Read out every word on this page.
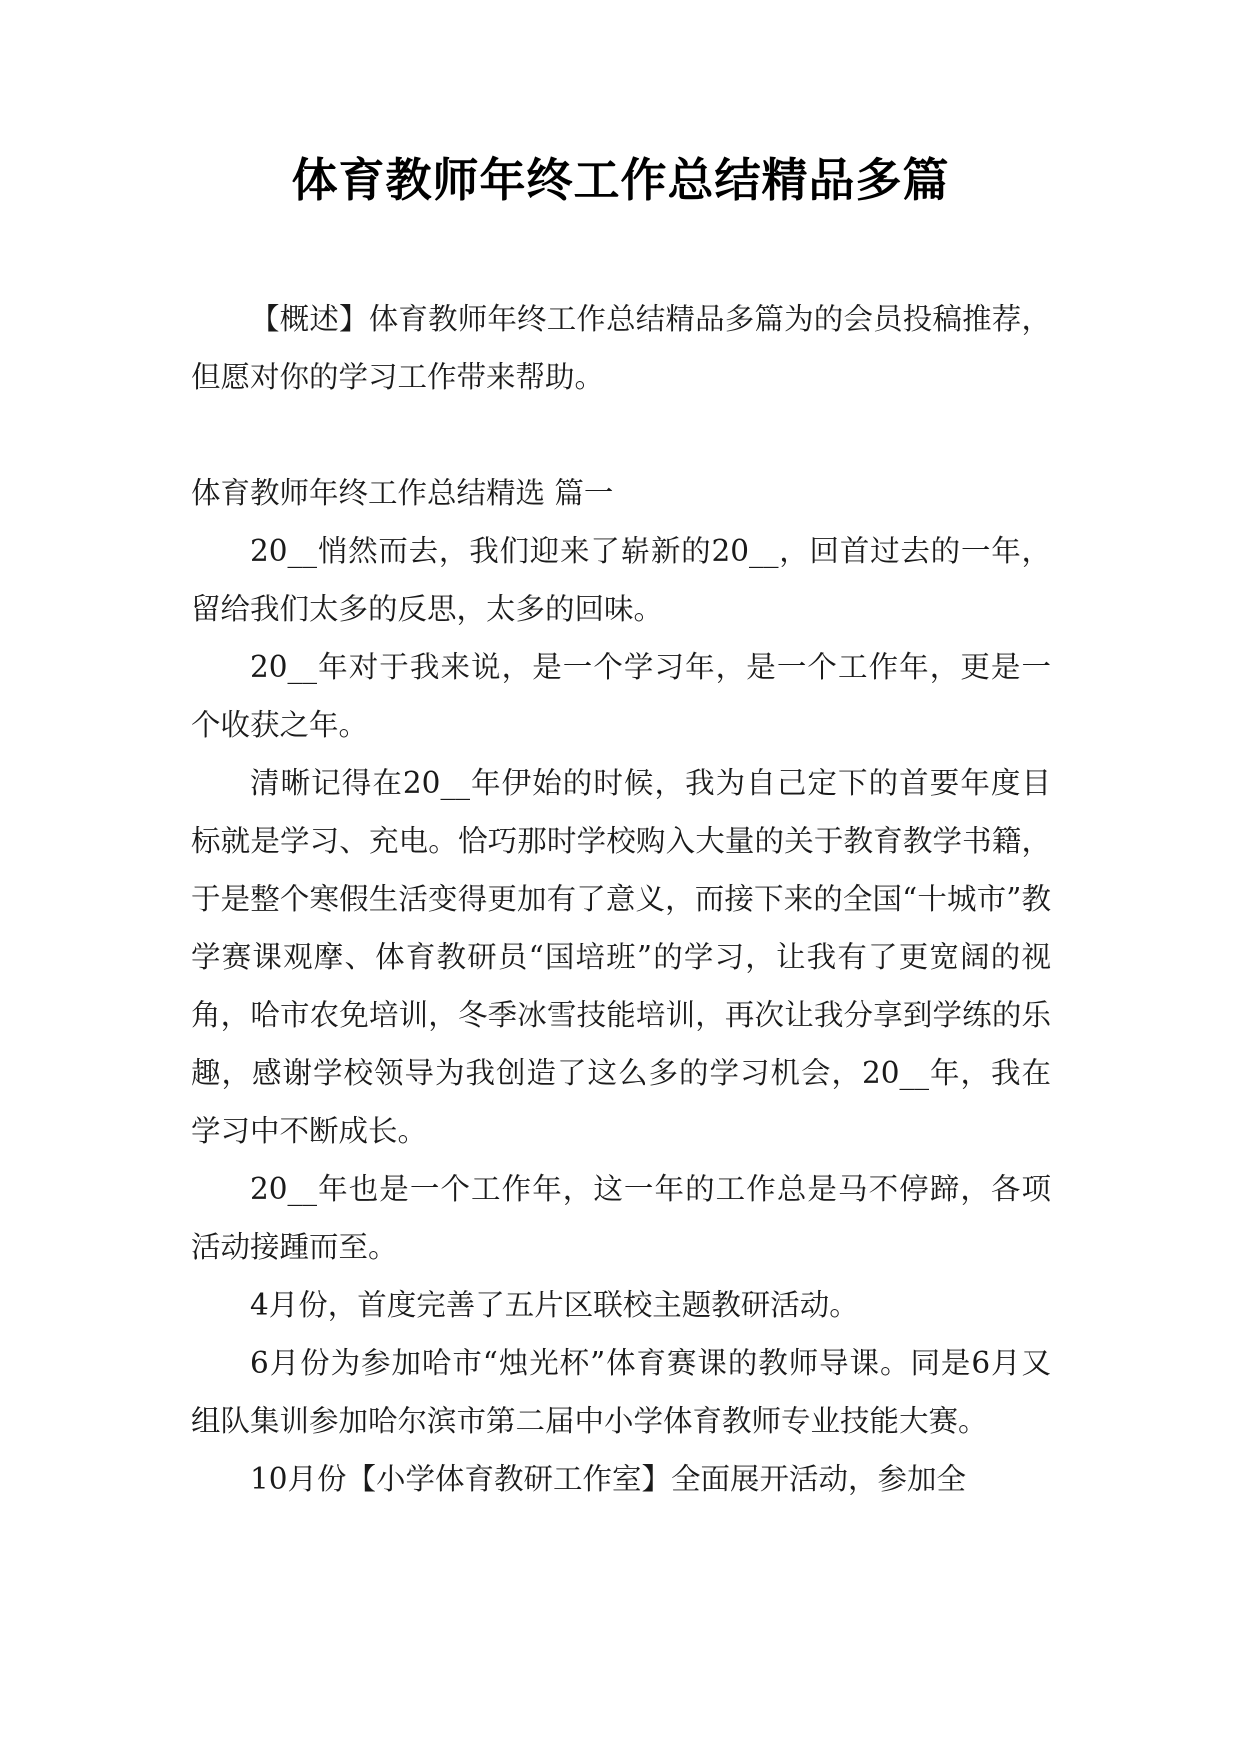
体育教师年终工作总结精品多篇

【概述】体育教师年终工作总结精品多篇为的会员投稿推荐，但愿对你的学习工作带来帮助。

体育教师年终工作总结精选 篇一

20__悄然而去，我们迎来了崭新的20__，回首过去的一年，留给我们太多的反思，太多的回味。

20__年对于我来说，是一个学习年，是一个工作年，更是一个收获之年。

清晰记得在20__年伊始的时候，我为自己定下的首要年度目标就是学习、充电。恰巧那时学校购入大量的关于教育教学书籍，于是整个寒假生活变得更加有了意义，而接下来的全国“十城市”教学赛课观摩、体育教研员“国培班”的学习，让我有了更宽阔的视角，哈市农免培训，冬季冰雪技能培训，再次让我分享到学练的乐趣，感谢学校领导为我创造了这么多的学习机会，20__年，我在学习中不断成长。

20__年也是一个工作年，这一年的工作总是马不停蹄，各项活动接踵而至。

4月份，首度完善了五片区联校主题教研活动。

6月份为参加哈市“烛光杯”体育赛课的教师导课。同是6月又组队集训参加哈尔滨市第二届中小学体育教师专业技能大赛。

10月份【小学体育教研工作室】全面展开活动，参加全
